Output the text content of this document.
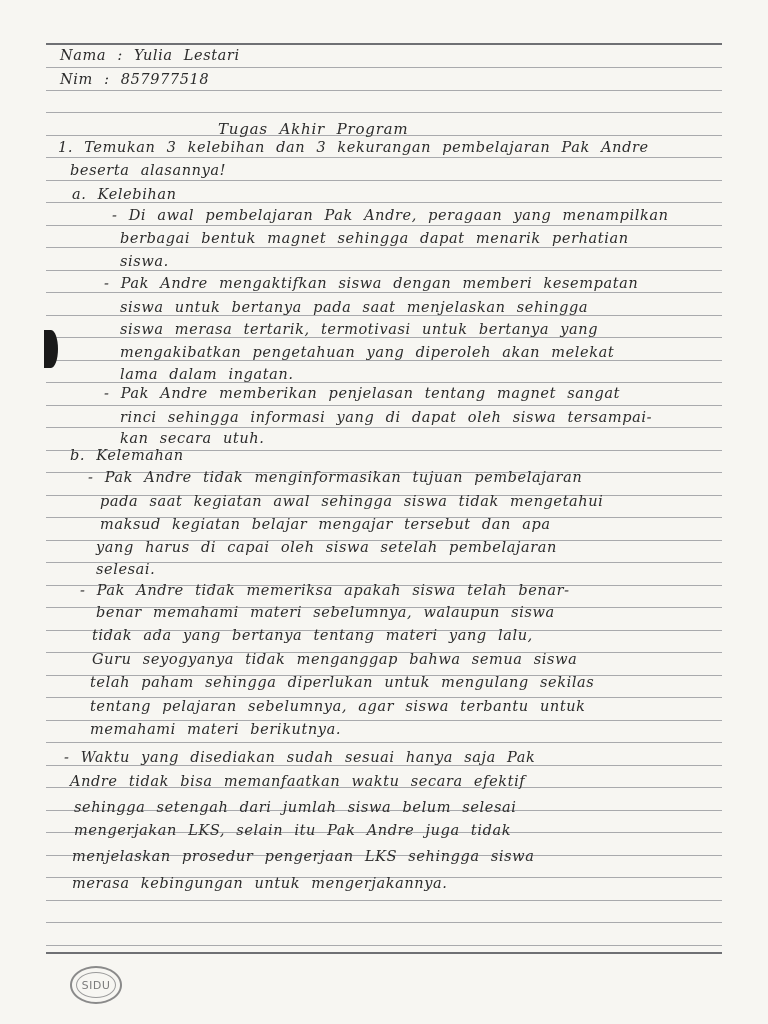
Nama : Yulia Lestari
Nim : 857977518
Tugas Akhir Program
1. Temukan 3 kelebihan dan 3 kekurangan pembelajaran Pak Andre
beserta alasannya!
a. Kelebihan
- Di awal pembelajaran Pak Andre, peragaan yang menampilkan
berbagai bentuk magnet sehingga dapat menarik perhatian
siswa.
- Pak Andre mengaktifkan siswa dengan memberi kesempatan
siswa untuk bertanya pada saat menjelaskan sehingga
siswa merasa tertarik, termotivasi untuk bertanya yang
mengakibatkan pengetahuan yang diperoleh akan melekat
lama dalam ingatan.
- Pak Andre memberikan penjelasan tentang magnet sangat
rinci sehingga informasi yang di dapat oleh siswa tersampai-
kan secara utuh.
b. Kelemahan
- Pak Andre tidak menginformasikan tujuan pembelajaran
pada saat kegiatan awal sehingga siswa tidak mengetahui
maksud kegiatan belajar mengajar tersebut dan apa
yang harus di capai oleh siswa setelah pembelajaran
selesai.
- Pak Andre tidak memeriksa apakah siswa telah benar-
benar memahami materi sebelumnya, walaupun siswa
tidak ada yang bertanya tentang materi yang lalu,
Guru seyogyanya tidak menganggap bahwa semua siswa
telah paham sehingga diperlukan untuk mengulang sekilas
tentang pelajaran sebelumnya, agar siswa terbantu untuk
memahami materi berikutnya.
- Waktu yang disediakan sudah sesuai hanya saja Pak
Andre tidak bisa memanfaatkan waktu secara efektif
sehingga setengah dari jumlah siswa belum selesai
mengerjakan LKS, selain itu Pak Andre juga tidak
menjelaskan prosedur pengerjaan LKS sehingga siswa
merasa kebingungan untuk mengerjakannya.
SIDU
